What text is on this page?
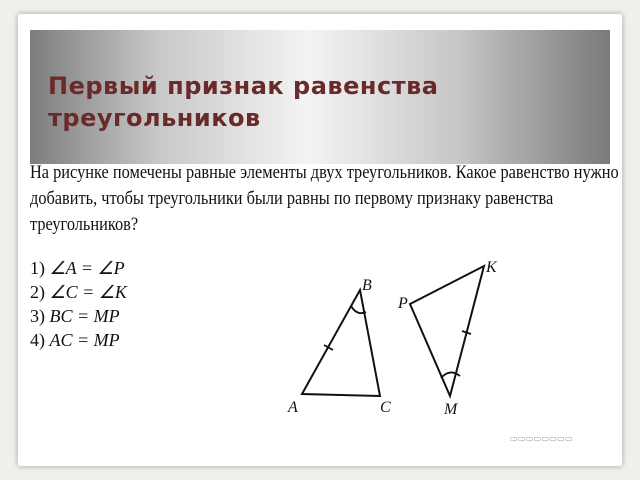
Первый признак равенства треугольников

На рисунке помечены равные элементы двух треугольников. Какое равенство нужно добавить, чтобы треугольники были равны по первому признаку равенства треугольников?

1) ∠A = ∠P
2) ∠C = ∠K
3) BC = MP
4) AC = MP
A
B
C
P
K
M
▭▭▭▭▭▭▭▭
